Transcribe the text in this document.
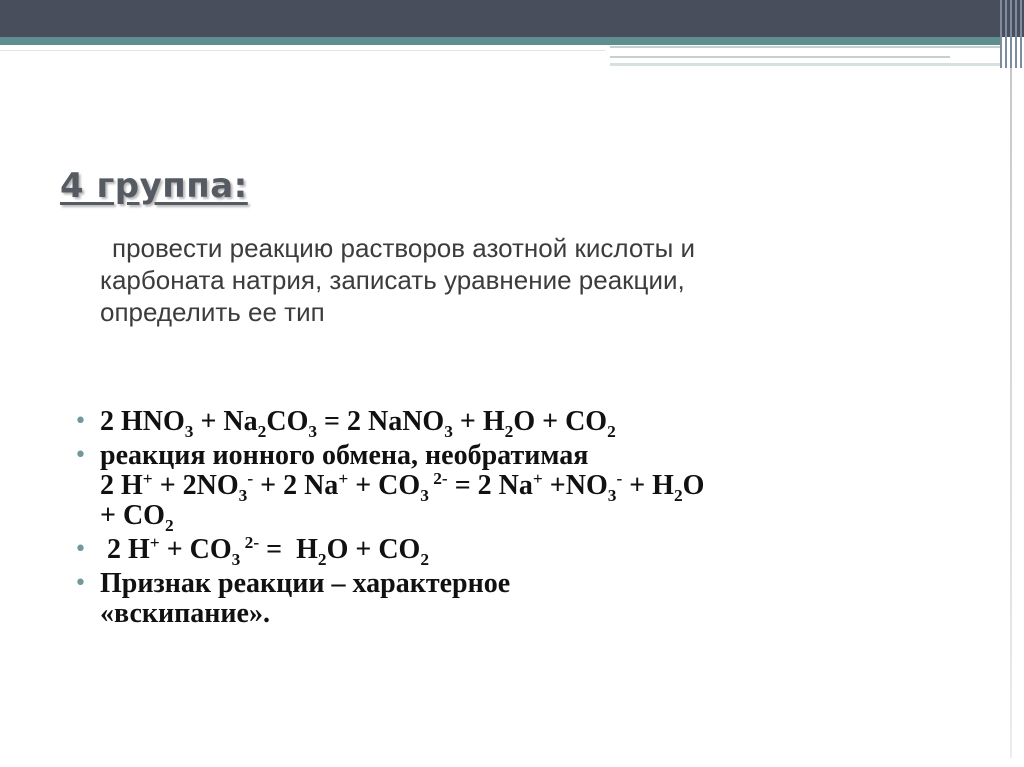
4 группа:

провести реакцию растворов азотной кислоты и
карбоната натрия, записать уравнение реакции,
определить ее тип

• 2 $HNO_3 + Na_2CO_3 = 2$ NaNO$_3$ + $H_2O + CO_2$
• реакция ионного обмена, необратимая
2 $H^+ + 2NO_3^- + 2$ $Na^+ + CO_3$ $^{2-}$ = 2 $Na^+ +NO_3^- + H_2O$
+ $CO_2$
• 2 $H^+ + CO_3$ $^{2-} = H_2O + CO_2$
• Признак реакции – характерное
«вскипание».
